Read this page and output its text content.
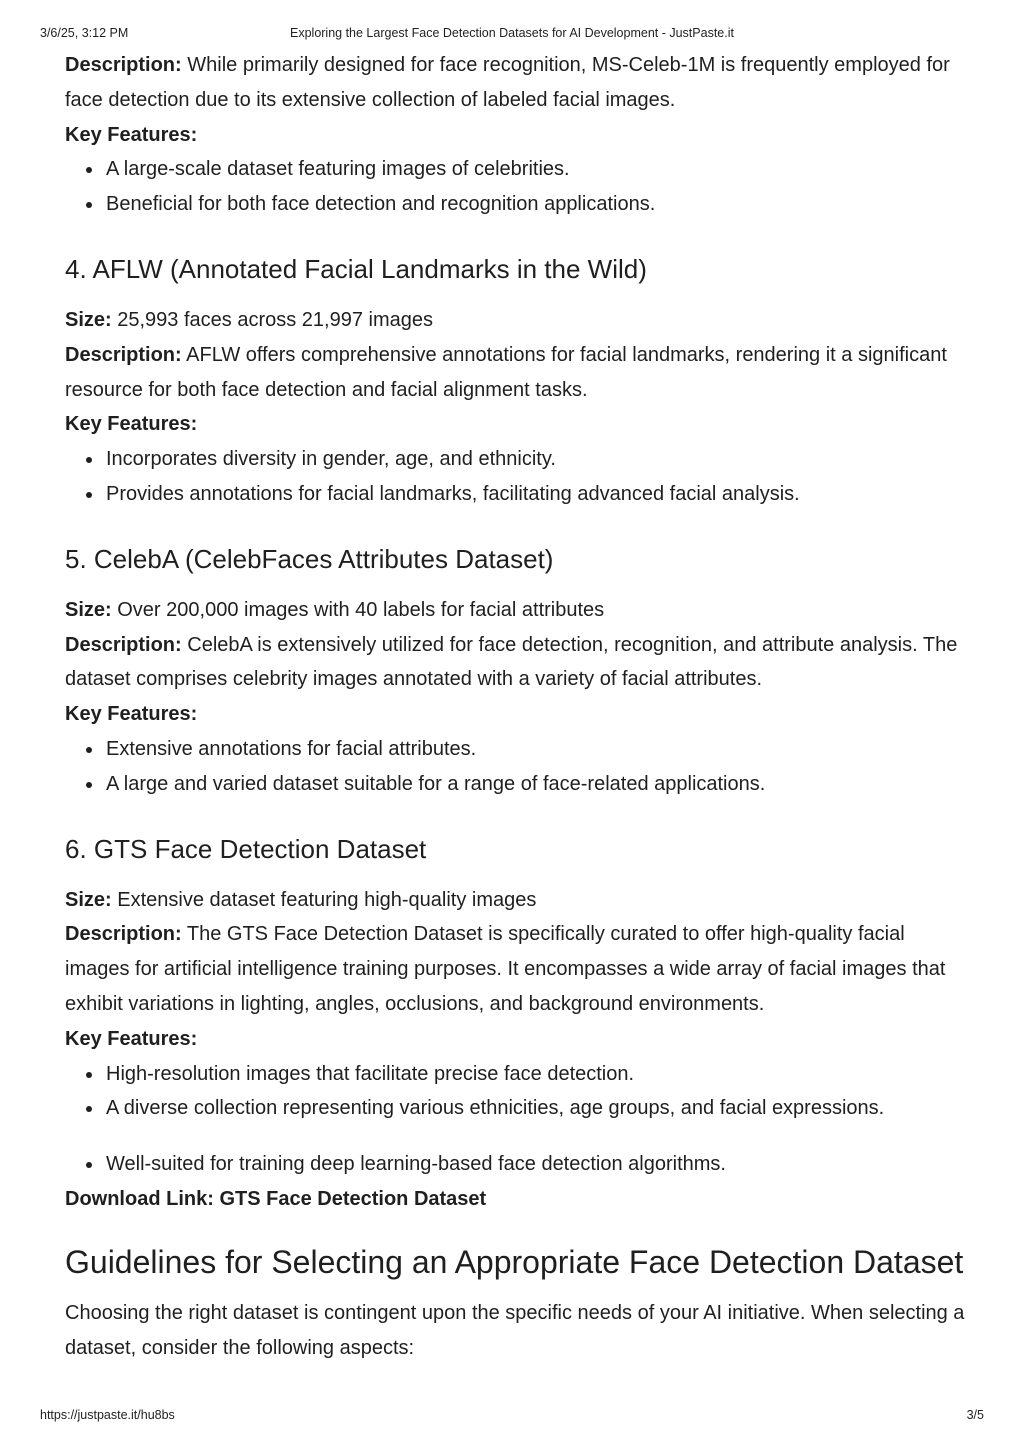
3/6/25, 3:12 PM	Exploring the Largest Face Detection Datasets for AI Development - JustPaste.it

Description: While primarily designed for face recognition, MS-Celeb-1M is frequently employed for face detection due to its extensive collection of labeled facial images.

Key Features:

A large-scale dataset featuring images of celebrities.
Beneficial for both face detection and recognition applications.
4. AFLW (Annotated Facial Landmarks in the Wild)

Size: 25,993 faces across 21,997 images

Description: AFLW offers comprehensive annotations for facial landmarks, rendering it a significant resource for both face detection and facial alignment tasks.

Key Features:

Incorporates diversity in gender, age, and ethnicity.
Provides annotations for facial landmarks, facilitating advanced facial analysis.
5. CelebA (CelebFaces Attributes Dataset)

Size: Over 200,000 images with 40 labels for facial attributes

Description: CelebA is extensively utilized for face detection, recognition, and attribute analysis. The dataset comprises celebrity images annotated with a variety of facial attributes.

Key Features:

Extensive annotations for facial attributes.
A large and varied dataset suitable for a range of face-related applications.
6. GTS Face Detection Dataset

Size: Extensive dataset featuring high-quality images

Description: The GTS Face Detection Dataset is specifically curated to offer high-quality facial images for artificial intelligence training purposes. It encompasses a wide array of facial images that exhibit variations in lighting, angles, occlusions, and background environments.

Key Features:

High-resolution images that facilitate precise face detection.
A diverse collection representing various ethnicities, age groups, and facial expressions.
Well-suited for training deep learning-based face detection algorithms.

Download Link: GTS Face Detection Dataset

Guidelines for Selecting an Appropriate Face Detection Dataset

Choosing the right dataset is contingent upon the specific needs of your AI initiative. When selecting a dataset, consider the following aspects:

https://justpaste.it/hu8bs	3/5
